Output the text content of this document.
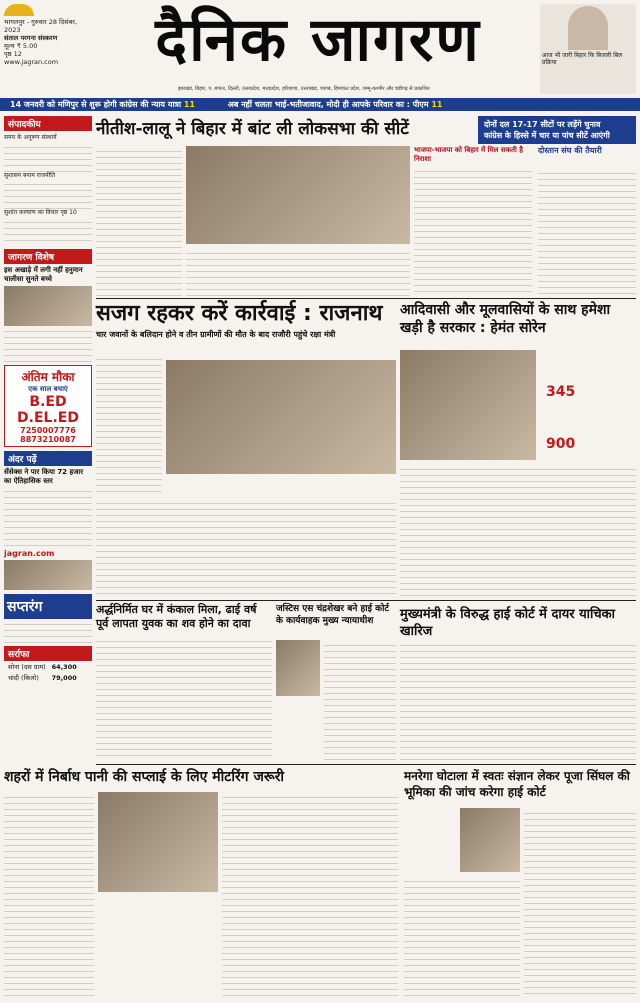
भागलपुर - गुरुवार 28 दिसंबर, 2023
संताल परगना संस्करण
मूल्य ₹ 5.00
पृष्ठ 12
www.jagran.com	दैनिक जागरण
झारखंड, बिहार, प. बंगाल, दिल्ली, उत्तरप्रदेश, मध्यप्रदेश, हरियाणा, उत्तराखंड, पंजाब, हिमाचल प्रदेश, जम्मू-कश्मीर और चंडीगढ़ से प्रकाशित
आज भी जारी बिहार कि बिजली बिल प्रक्रिया
14 जनवरी को मणिपुर से शुरू होगी कांग्रेस की न्याय यात्रा 11	अब नहीं चलता भाई-भतीजावाद, मोदी ही आपके परिवार का : पीएम 11
संपादकीय
समय के अनुरूप संस्थायें
सुशासन बनाम राजनीति
सुशांत कल्याण का विचार पृष्ठ 10
जागरण विशेष
इस अखाड़े में लगी नहीं हनुमान चालीसा सुनते बच्चे
अंतिम मौका
एक साल बचाएं
B.ED
D.EL.ED
7250007776
8873210087
अंदर पढ़ें
सेंसेक्स ने पार किया 72 हजार का ऐतिहासिक स्तर
jagran.com
सप्तरंग
सर्राफा
सोना (दस ग्राम)	64,300
चांदी (किलो)	79,000
नीतीश-लालू ने बिहार में बांट ली लोकसभा की सीटें	दोनों दल 17-17 सीटों पर लड़ेंगे चुनाव
कांग्रेस के हिस्से में चार या पांच सीटें आएंगी
भाजपा-भाजपा को बिहार में मिल सकती है निराशा
दोस्तान संघ की तैयारी
सजग रहकर करें कार्रवाई : राजनाथ
चार जवानों के बलिदान होने व तीन ग्रामीणों की मौत के बाद राजौरी पहुंचे रक्षा मंत्री
आदिवासी और मूलवासियों के साथ हमेशा खड़ी है सरकार : हेमंत सोरेन
345
900
अर्द्धनिर्मित घर में कंकाल मिला, ढाई वर्ष पूर्व लापता युवक का शव होने का दावा
जस्टिस एस चंद्रशेखर बने हाई कोर्ट के कार्यवाहक मुख्य न्यायाधीश	मुख्यमंत्री के विरुद्ध हाई कोर्ट में दायर याचिका खारिज
शहरों में निर्बाध पानी की सप्लाई के लिए मीटरिंग जरूरी	मनरेगा घोटाला में स्वतः संज्ञान लेकर पूजा सिंघल की भूमिका की जांच करेगा हाई कोर्ट
